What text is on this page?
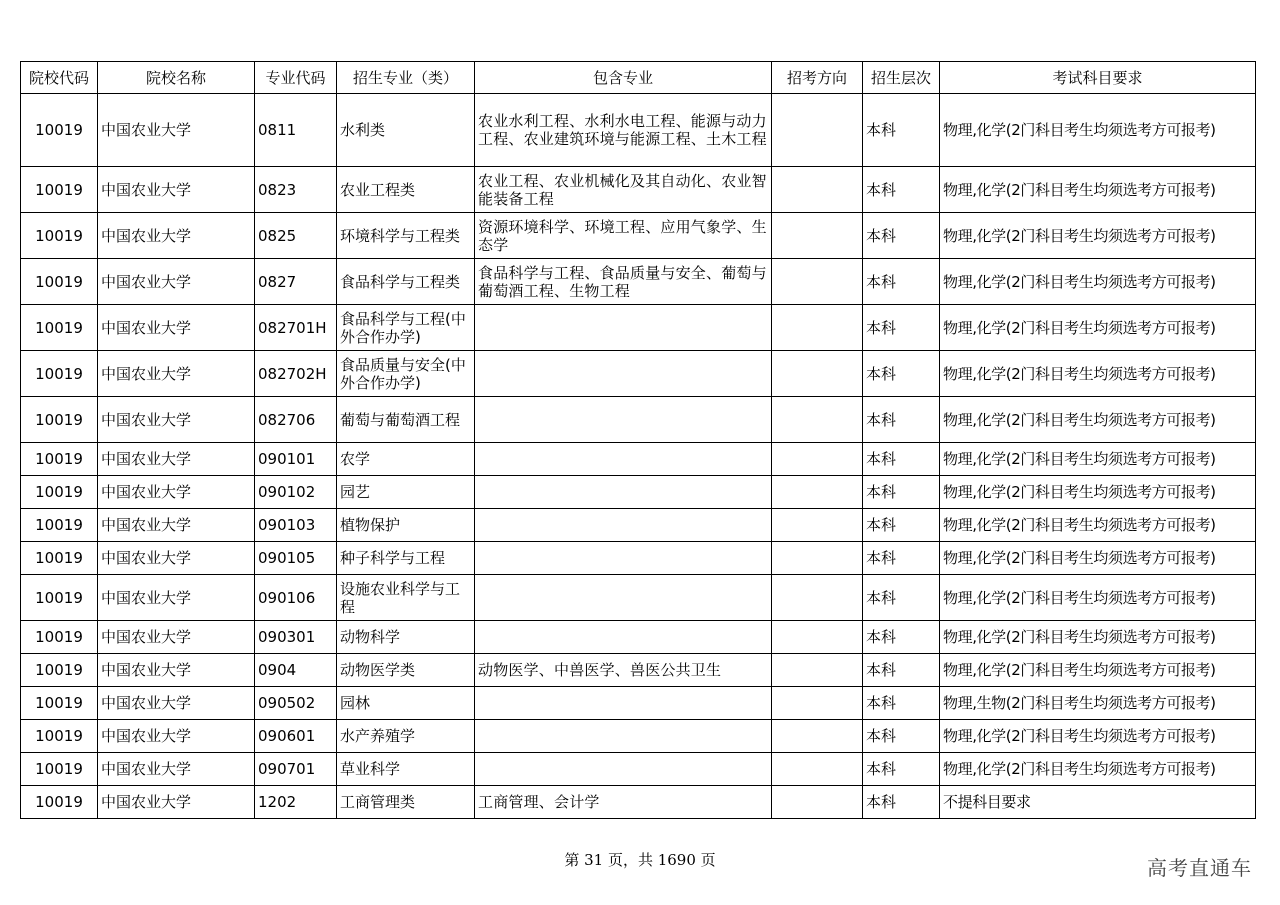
院校代码	院校名称	专业代码	招生专业（类）	包含专业	招考方向	招生层次	考试科目要求
10019	中国农业大学	0811	水利类	农业水利工程、水利水电工程、能源与动力工程、农业建筑环境与能源工程、土木工程		本科	物理,化学(2门科目考生均须选考方可报考)
10019	中国农业大学	0823	农业工程类	农业工程、农业机械化及其自动化、农业智能装备工程		本科	物理,化学(2门科目考生均须选考方可报考)
10019	中国农业大学	0825	环境科学与工程类	资源环境科学、环境工程、应用气象学、生态学		本科	物理,化学(2门科目考生均须选考方可报考)
10019	中国农业大学	0827	食品科学与工程类	食品科学与工程、食品质量与安全、葡萄与葡萄酒工程、生物工程		本科	物理,化学(2门科目考生均须选考方可报考)
10019	中国农业大学	082701H	食品科学与工程(中外合作办学)			本科	物理,化学(2门科目考生均须选考方可报考)
10019	中国农业大学	082702H	食品质量与安全(中外合作办学)			本科	物理,化学(2门科目考生均须选考方可报考)
10019	中国农业大学	082706	葡萄与葡萄酒工程			本科	物理,化学(2门科目考生均须选考方可报考)
10019	中国农业大学	090101	农学			本科	物理,化学(2门科目考生均须选考方可报考)
10019	中国农业大学	090102	园艺			本科	物理,化学(2门科目考生均须选考方可报考)
10019	中国农业大学	090103	植物保护			本科	物理,化学(2门科目考生均须选考方可报考)
10019	中国农业大学	090105	种子科学与工程			本科	物理,化学(2门科目考生均须选考方可报考)
10019	中国农业大学	090106	设施农业科学与工程			本科	物理,化学(2门科目考生均须选考方可报考)
10019	中国农业大学	090301	动物科学			本科	物理,化学(2门科目考生均须选考方可报考)
10019	中国农业大学	0904	动物医学类	动物医学、中兽医学、兽医公共卫生		本科	物理,化学(2门科目考生均须选考方可报考)
10019	中国农业大学	090502	园林			本科	物理,生物(2门科目考生均须选考方可报考)
10019	中国农业大学	090601	水产养殖学			本科	物理,化学(2门科目考生均须选考方可报考)
10019	中国农业大学	090701	草业科学			本科	物理,化学(2门科目考生均须选考方可报考)
10019	中国农业大学	1202	工商管理类	工商管理、会计学		本科	不提科目要求
第 31 页，共 1690 页	高考直通车
